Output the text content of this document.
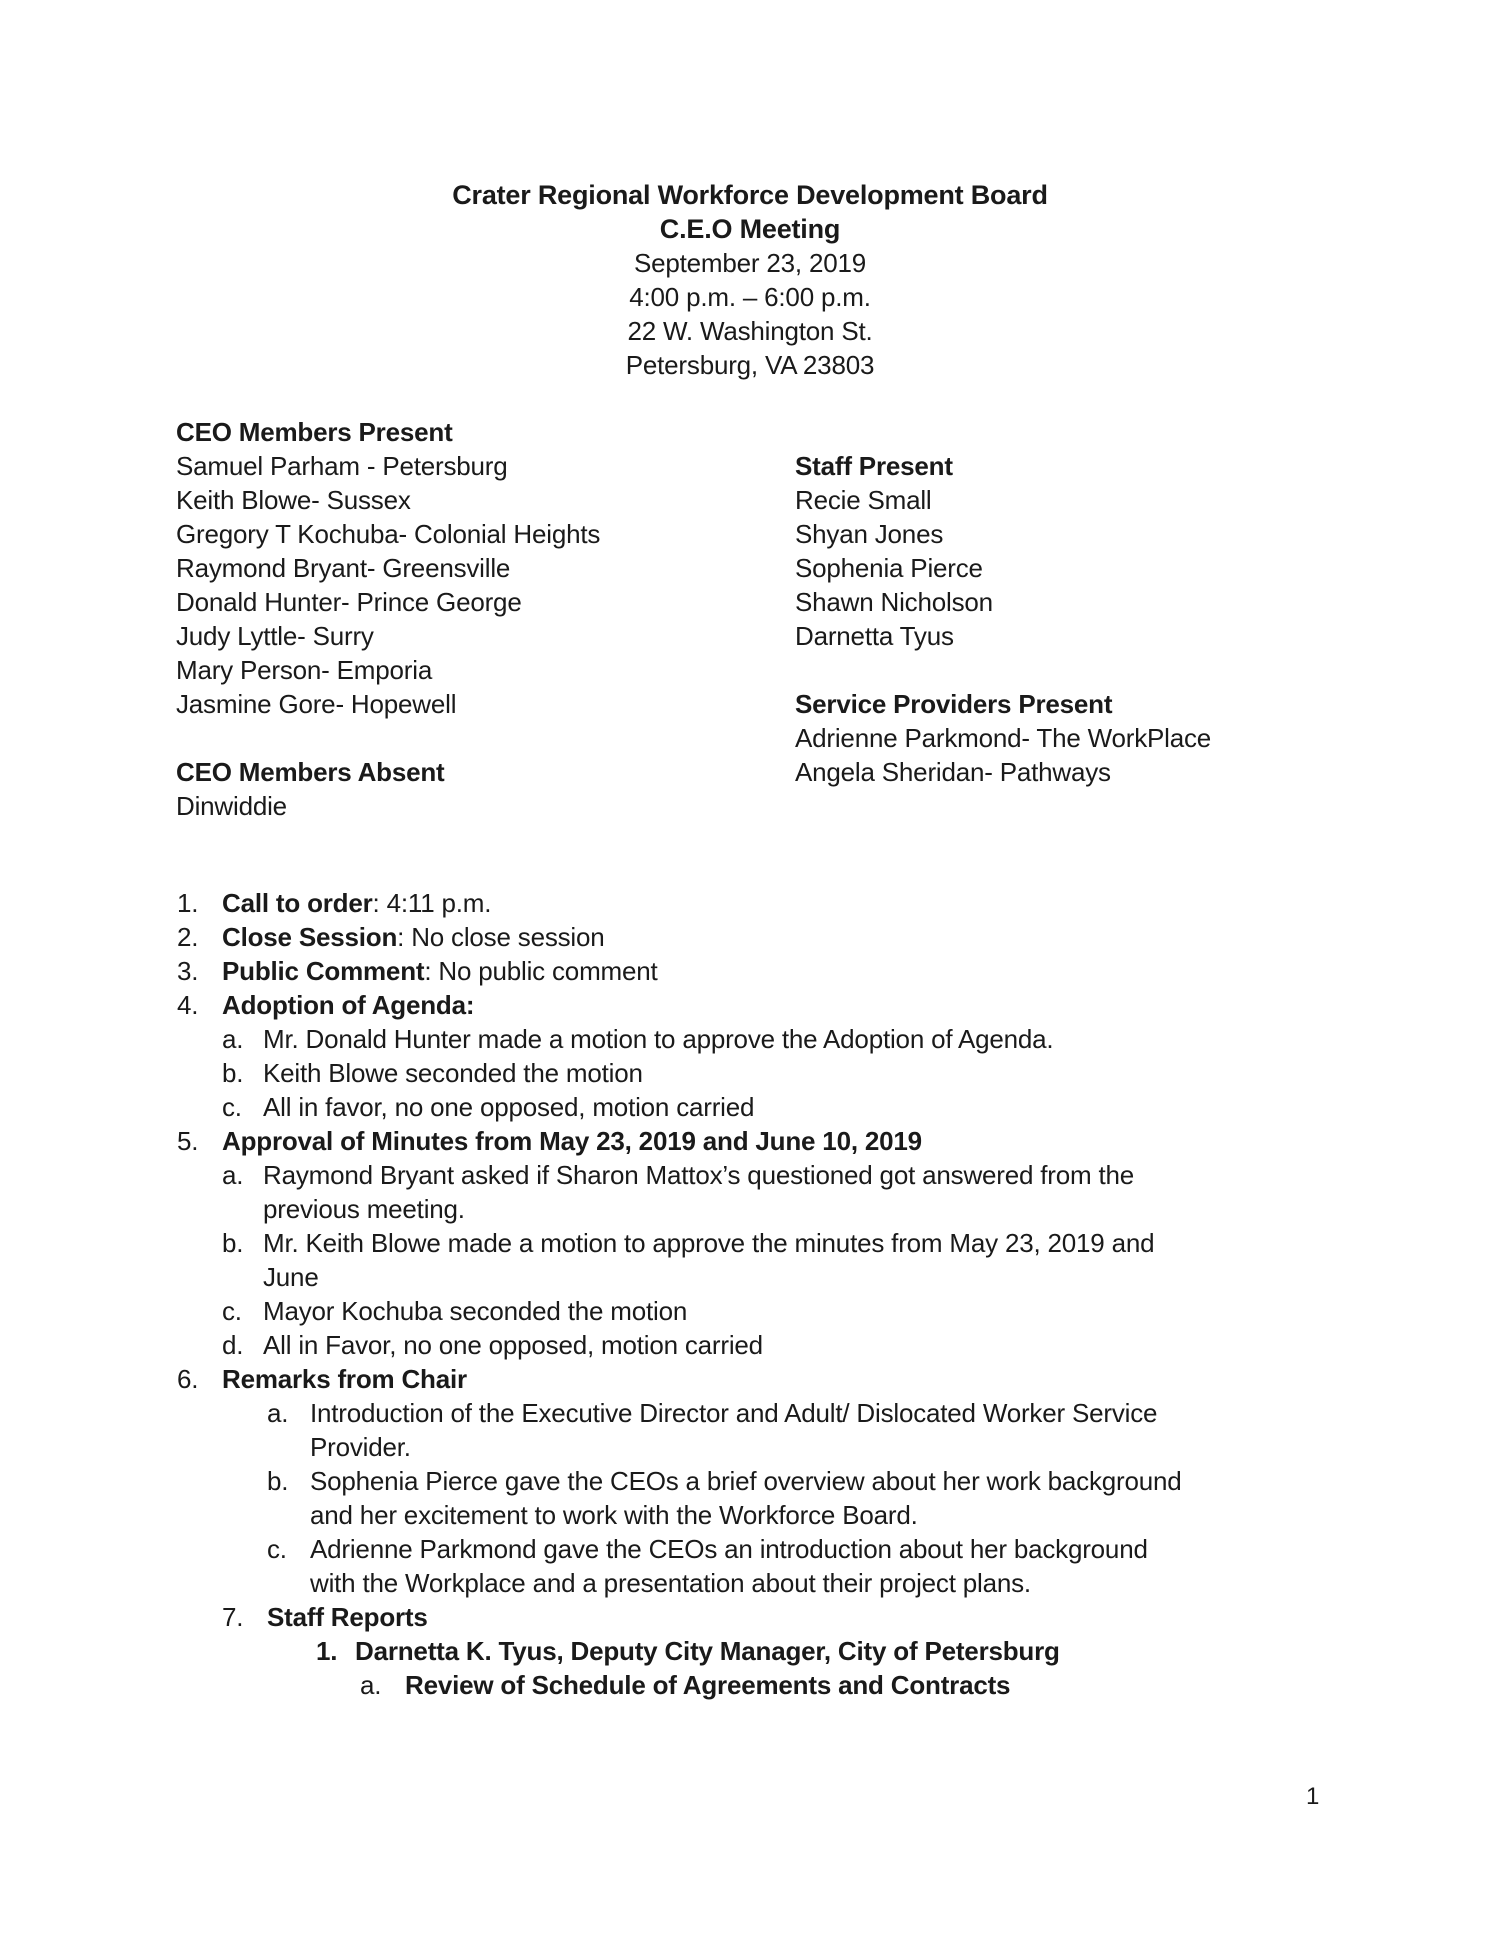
Crater Regional Workforce Development Board
C.E.O Meeting
September 23, 2019
4:00 p.m. – 6:00 p.m.
22 W. Washington St.
Petersburg, VA 23803
CEO Members Present
Samuel Parham - Petersburg
Keith Blowe- Sussex
Gregory T Kochuba- Colonial Heights
Raymond Bryant- Greensville
Donald Hunter- Prince George
Judy Lyttle- Surry
Mary Person- Emporia
Jasmine Gore- Hopewell
CEO Members Absent
Dinwiddie
Staff Present
Recie Small
Shyan Jones
Sophenia Pierce
Shawn Nicholson
Darnetta Tyus
Service Providers Present
Adrienne Parkmond- The WorkPlace
Angela Sheridan- Pathways
1. Call to order: 4:11 p.m.
2. Close Session: No close session
3. Public Comment: No public comment
4. Adoption of Agenda:
a. Mr. Donald Hunter made a motion to approve the Adoption of Agenda.
b. Keith Blowe seconded the motion
c. All in favor, no one opposed, motion carried
5. Approval of Minutes from May 23, 2019 and June 10, 2019
a. Raymond Bryant asked if Sharon Mattox’s questioned got answered from the
previous meeting.
b. Mr. Keith Blowe made a motion to approve the minutes from May 23, 2019 and
June
c. Mayor Kochuba seconded the motion
d. All in Favor, no one opposed, motion carried
6. Remarks from Chair
a. Introduction of the Executive Director and Adult/ Dislocated Worker Service
Provider.
b. Sophenia Pierce gave the CEOs a brief overview about her work background
and her excitement to work with the Workforce Board.
c. Adrienne Parkmond gave the CEOs an introduction about her background
with the Workplace and a presentation about their project plans.
7. Staff Reports
1. Darnetta K. Tyus, Deputy City Manager, City of Petersburg
a. Review of Schedule of Agreements and Contracts
1
